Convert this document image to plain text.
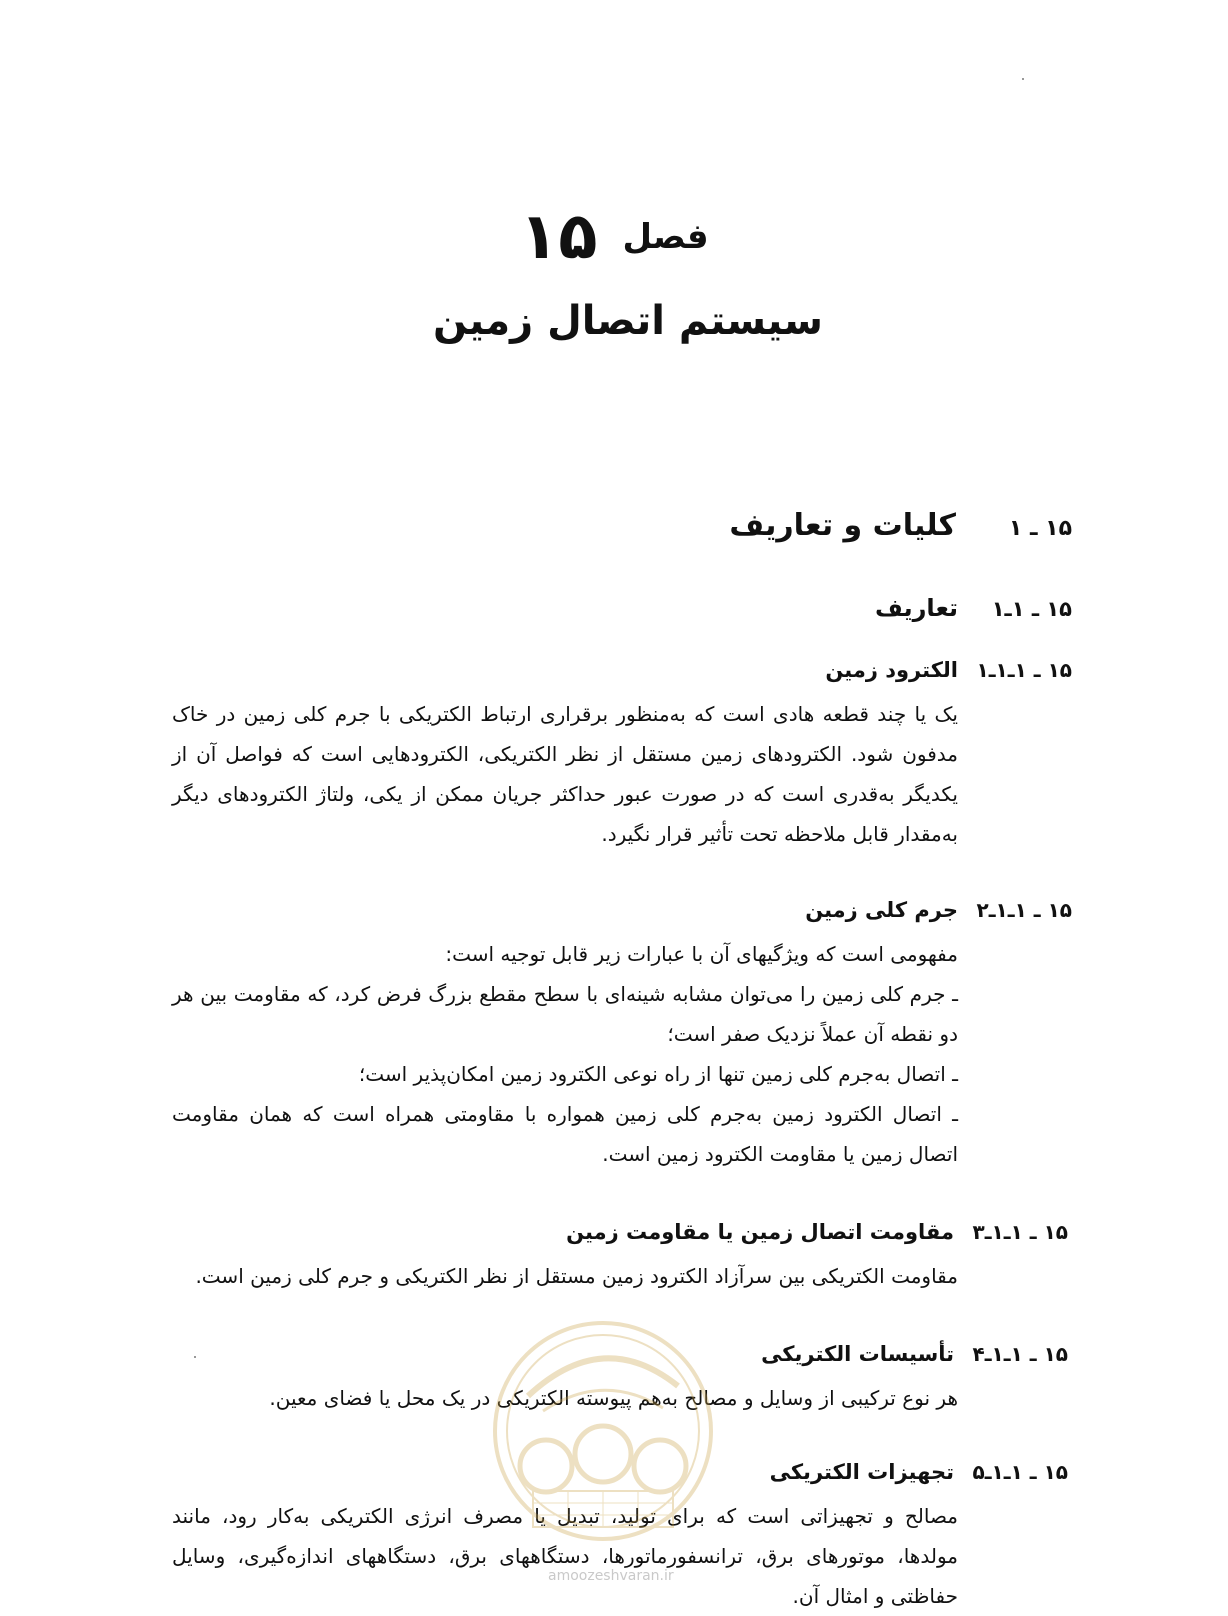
فصل ۱۵
سیستم اتصال زمین
۱۵ ـ ۱
کلیات و تعاریف
۱۵ ـ ۱ـ۱
تعاریف
۱۵ ـ ۱ـ۱ـ۱
الکترود زمین

یک یا چند قطعه هادی است که به‌منظور برقراری ارتباط الکتریکی با جرم کلی زمین در خاک مدفون شود. الکترودهای زمین مستقل از نظر الکتریکی، الکترودهایی است که فواصل آن از یکدیگر به‌قدری است که در صورت عبور حداکثر جریان ممکن از یکی، ولتاژ الکترودهای دیگر به‌مقدار قابل ملاحظه تحت تأثیر قرار نگیرد.

۱۵ ـ ۱ـ۱ـ۲
جرم کلی زمین

مفهومی است که ویژگیهای آن با عبارات زیر قابل توجیه است:

ـ جرم کلی زمین را می‌توان مشابه شینه‌ای با سطح مقطع بزرگ فرض کرد، که مقاومت بین هر دو نقطه آن عملاً نزدیک صفر است؛

ـ اتصال به‌جرم کلی زمین تنها از راه نوعی الکترود زمین امکان‌پذیر است؛

ـ اتصال الکترود زمین به‌جرم کلی زمین همواره با مقاومتی همراه است که همان مقاومت اتصال زمین یا مقاومت الکترود زمین است.

۱۵ ـ ۱ـ۱ـ۳
مقاومت اتصال زمین یا مقاومت زمین

مقاومت الکتریکی بین سرآزاد الکترود زمین مستقل از نظر الکتریکی و جرم کلی زمین است.

۱۵ ـ ۱ـ۱ـ۴
تأسیسات الکتریکی

هر نوع ترکیبی از وسایل و مصالح به‌هم پیوسته الکتریکی در یک محل یا فضای معین.

۱۵ ـ ۱ـ۱ـ۵
تجهیزات الکتریکی

مصالح و تجهیزاتی است که برای تولید، تبدیل یا مصرف انرژی الکتریکی به‌کار رود، مانند مولدها، موتورهای برق، ترانسفورماتورها، دستگاههای برق، دستگاههای اندازه‌گیری، وسایل حفاظتی و امثال آن.

amoozeshvaran.ir
